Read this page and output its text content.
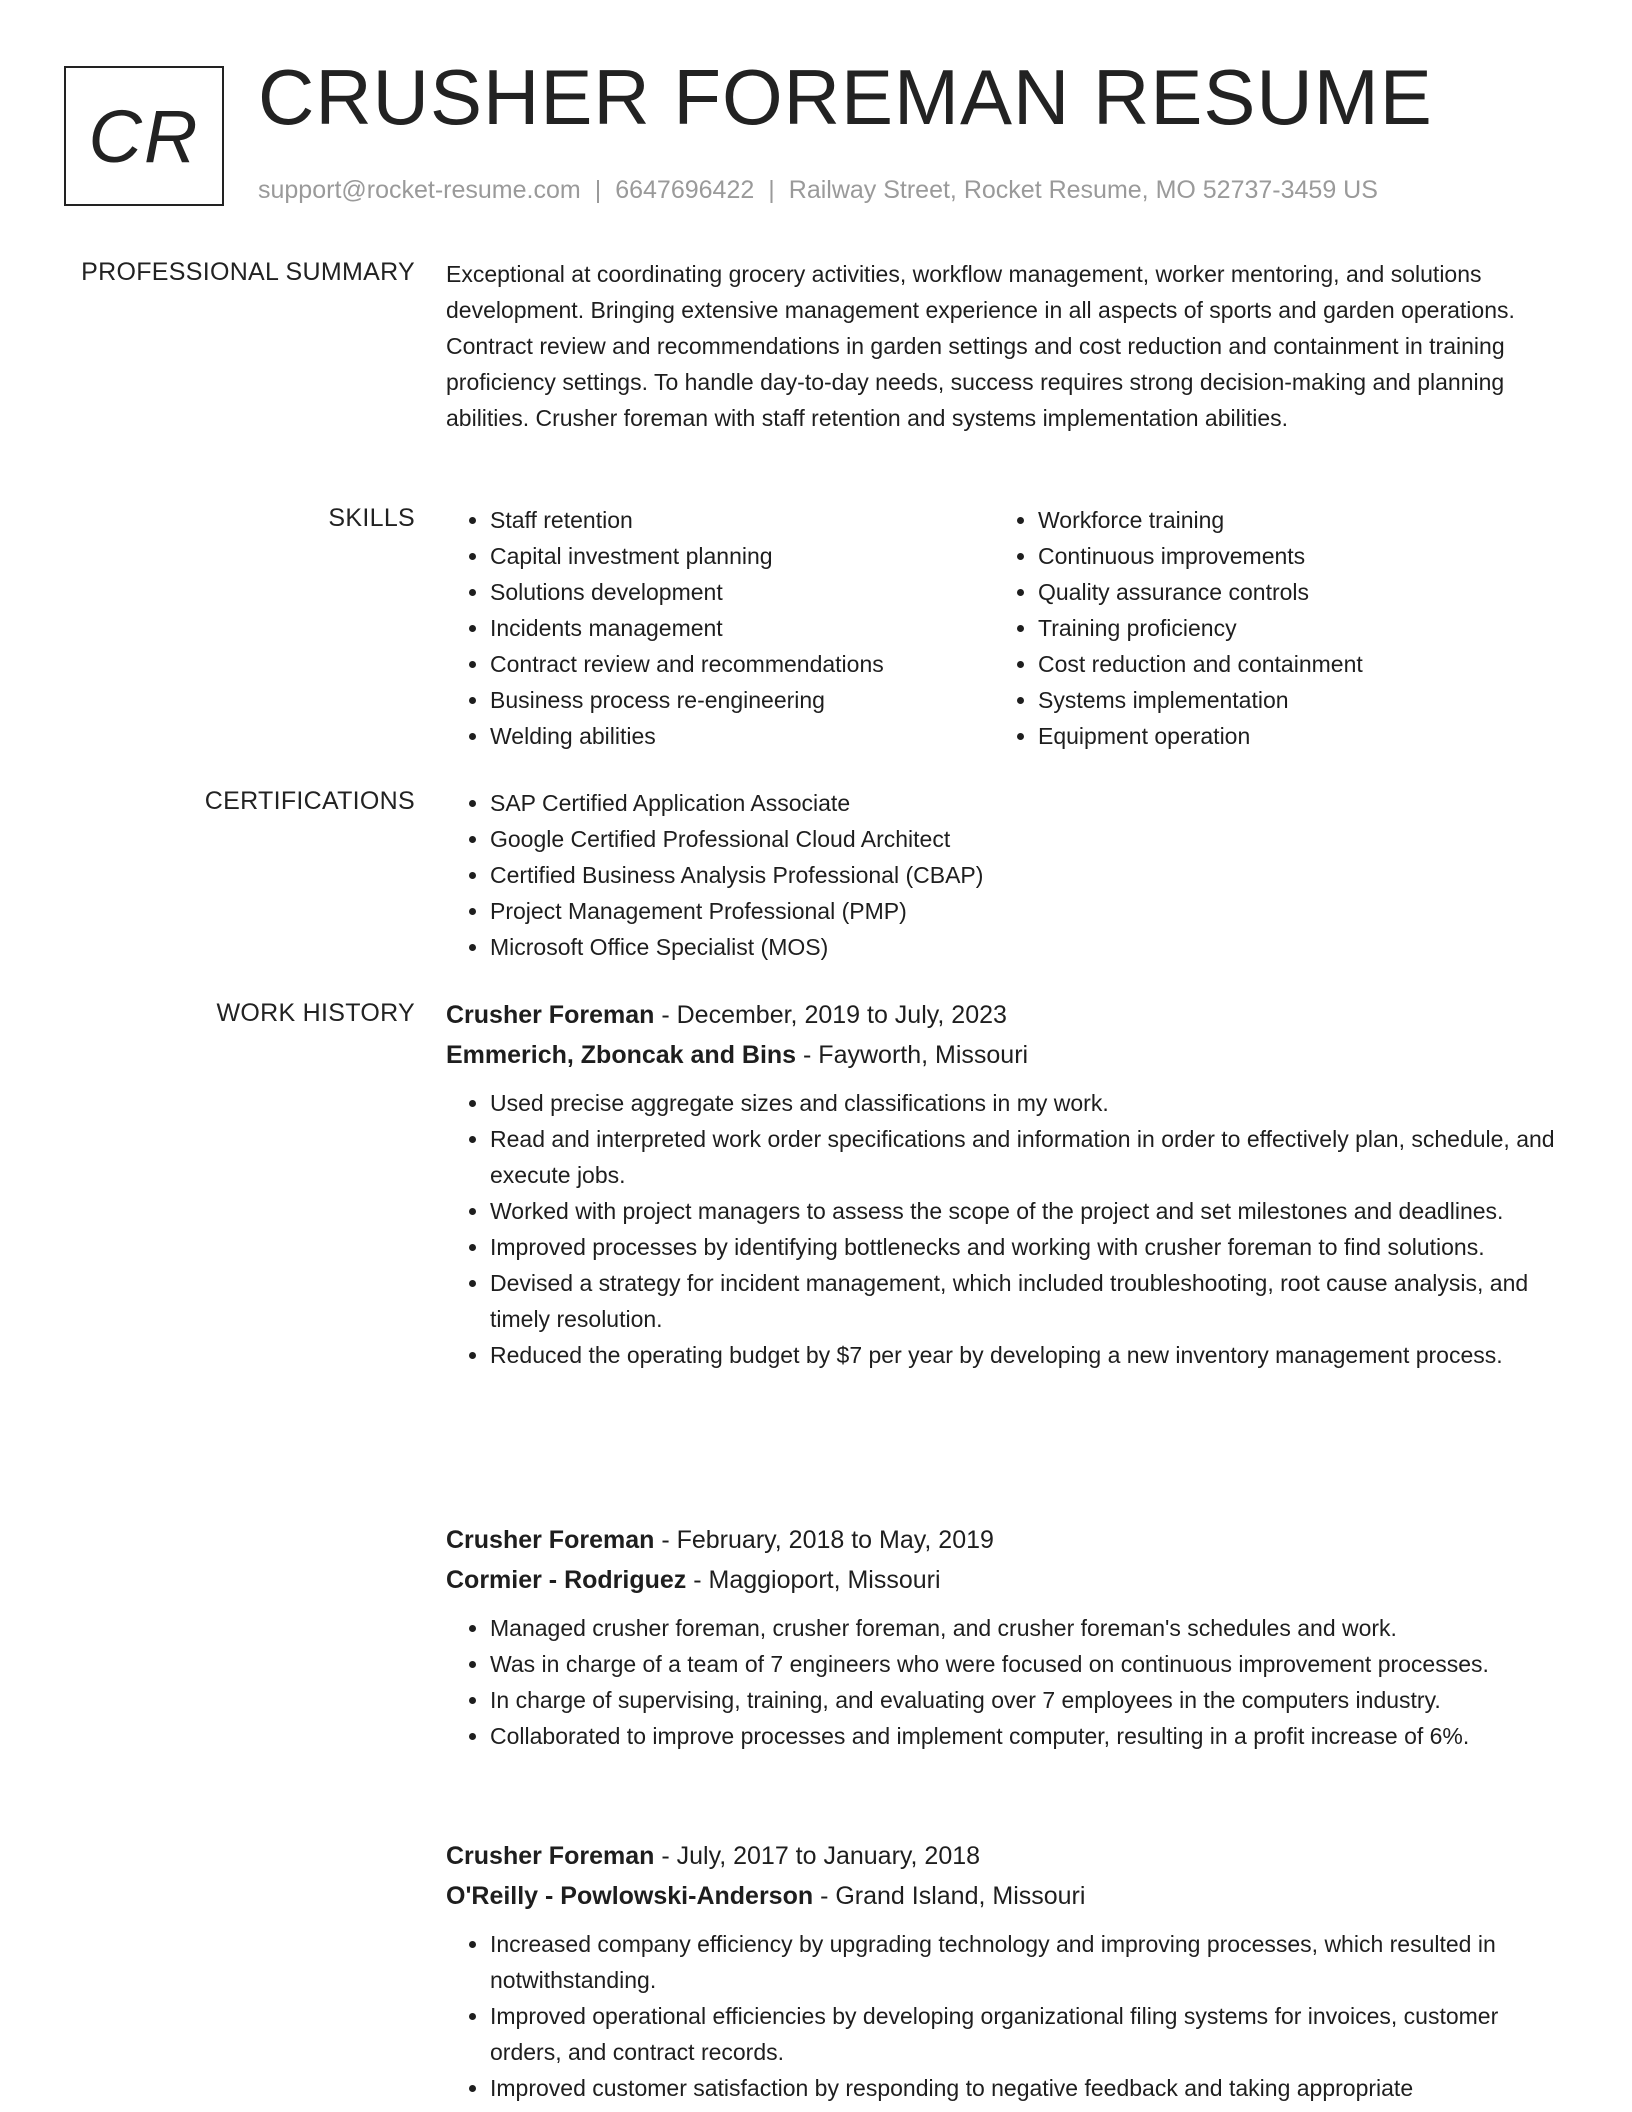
CR CRUSHER FOREMAN RESUME
support@rocket-resume.com | 6647696422 | Railway Street, Rocket Resume, MO 52737-3459 US
PROFESSIONAL SUMMARY Exceptional at coordinating grocery activities, workflow management, worker mentoring, and solutions development. Bringing extensive management experience in all aspects of sports and garden operations. Contract review and recommendations in garden settings and cost reduction and containment in training proficiency settings. To handle day-to-day needs, success requires strong decision-making and planning abilities. Crusher foreman with staff retention and systems implementation abilities.
SKILLS	• Staff retention
• Capital investment planning
• Solutions development
• Incidents management
• Contract review and recommendations
• Business process re-engineering
• Welding abilities
• Workforce training
• Continuous improvements
• Quality assurance controls
• Training proficiency
• Cost reduction and containment
• Systems implementation
• Equipment operation
CERTIFICATIONS	• SAP Certified Application Associate
• Google Certified Professional Cloud Architect
• Certified Business Analysis Professional (CBAP)
• Project Management Professional (PMP)
• Microsoft Office Specialist (MOS)
WORK HISTORY Crusher Foreman - December, 2019 to July, 2023
Emmerich, Zboncak and Bins - Fayworth, Missouri
• Used precise aggregate sizes and classifications in my work.
• Read and interpreted work order specifications and information in order to effectively plan, schedule, and execute jobs.
• Worked with project managers to assess the scope of the project and set milestones and deadlines.
• Improved processes by identifying bottlenecks and working with crusher foreman to find solutions.
• Devised a strategy for incident management, which included troubleshooting, root cause analysis, and timely resolution.
• Reduced the operating budget by $7 per year by developing a new inventory management process.
Crusher Foreman - February, 2018 to May, 2019
Cormier - Rodriguez - Maggioport, Missouri
• Managed crusher foreman, crusher foreman, and crusher foreman's schedules and work.
• Was in charge of a team of 7 engineers who were focused on continuous improvement processes.
• In charge of supervising, training, and evaluating over 7 employees in the computers industry.
• Collaborated to improve processes and implement computer, resulting in a profit increase of 6%.
Crusher Foreman - July, 2017 to January, 2018
O'Reilly - Powlowski-Anderson - Grand Island, Missouri
• Increased company efficiency by upgrading technology and improving processes, which resulted in notwithstanding.
• Improved operational efficiencies by developing organizational filing systems for invoices, customer orders, and contract records.
• Improved customer satisfaction by responding to negative feedback and taking appropriate
